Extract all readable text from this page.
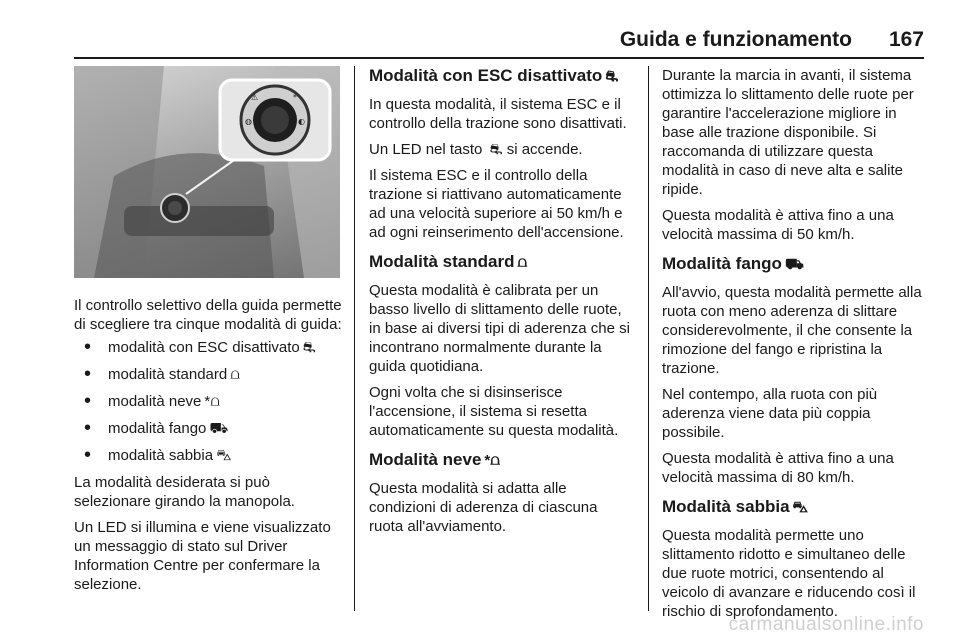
Guida e funzionamento 167
⚠	*
◍	◐
Il controllo selettivo della guida permette di scegliere tra cinque modalità di guida:
• modalità con ESC disattivato ⛐
• modalità standard ⩍
• modalità neve *⩍
• modalità fango ⛟
• modalità sabbia ⛍
La modalità desiderata si può selezionare girando la manopola.
Un LED si illumina e viene visualizzato un messaggio di stato sul Driver Information Centre per confermare la selezione.
Modalità con ESC disattivato ⛐
In questa modalità, il sistema ESC e il controllo della trazione sono disattivati.
Un LED nel tasto ⛐ si accende.
Il sistema ESC e il controllo della trazione si riattivano automaticamente ad una velocità superiore ai 50 km/h e ad ogni reinserimento dell'accensione.
Modalità standard ⩍
Questa modalità è calibrata per un basso livello di slittamento delle ruote, in base ai diversi tipi di aderenza che si incontrano normalmente durante la guida quotidiana.
Ogni volta che si disinserisce l'accensione, il sistema si resetta automaticamente su questa modalità.
Modalità neve *⩍
Questa modalità si adatta alle condizioni di aderenza di ciascuna ruota all'avviamento.
Durante la marcia in avanti, il sistema ottimizza lo slittamento delle ruote per garantire l'accelerazione migliore in base alle trazione disponibile. Si raccomanda di utilizzare questa modalità in caso di neve alta e salite ripide.
Questa modalità è attiva fino a una velocità massima di 50 km/h.
Modalità fango ⛟
All'avvio, questa modalità permette alla ruota con meno aderenza di slittare considerevolmente, il che consente la rimozione del fango e ripristina la trazione.
Nel contempo, alla ruota con più aderenza viene data più coppia possibile.
Questa modalità è attiva fino a una velocità massima di 80 km/h.
Modalità sabbia ⛍
Questa modalità permette uno slittamento ridotto e simultaneo delle due ruote motrici, consentendo al veicolo di avanzare e riducendo così il rischio di sprofondamento.
carmanualsonline.info
